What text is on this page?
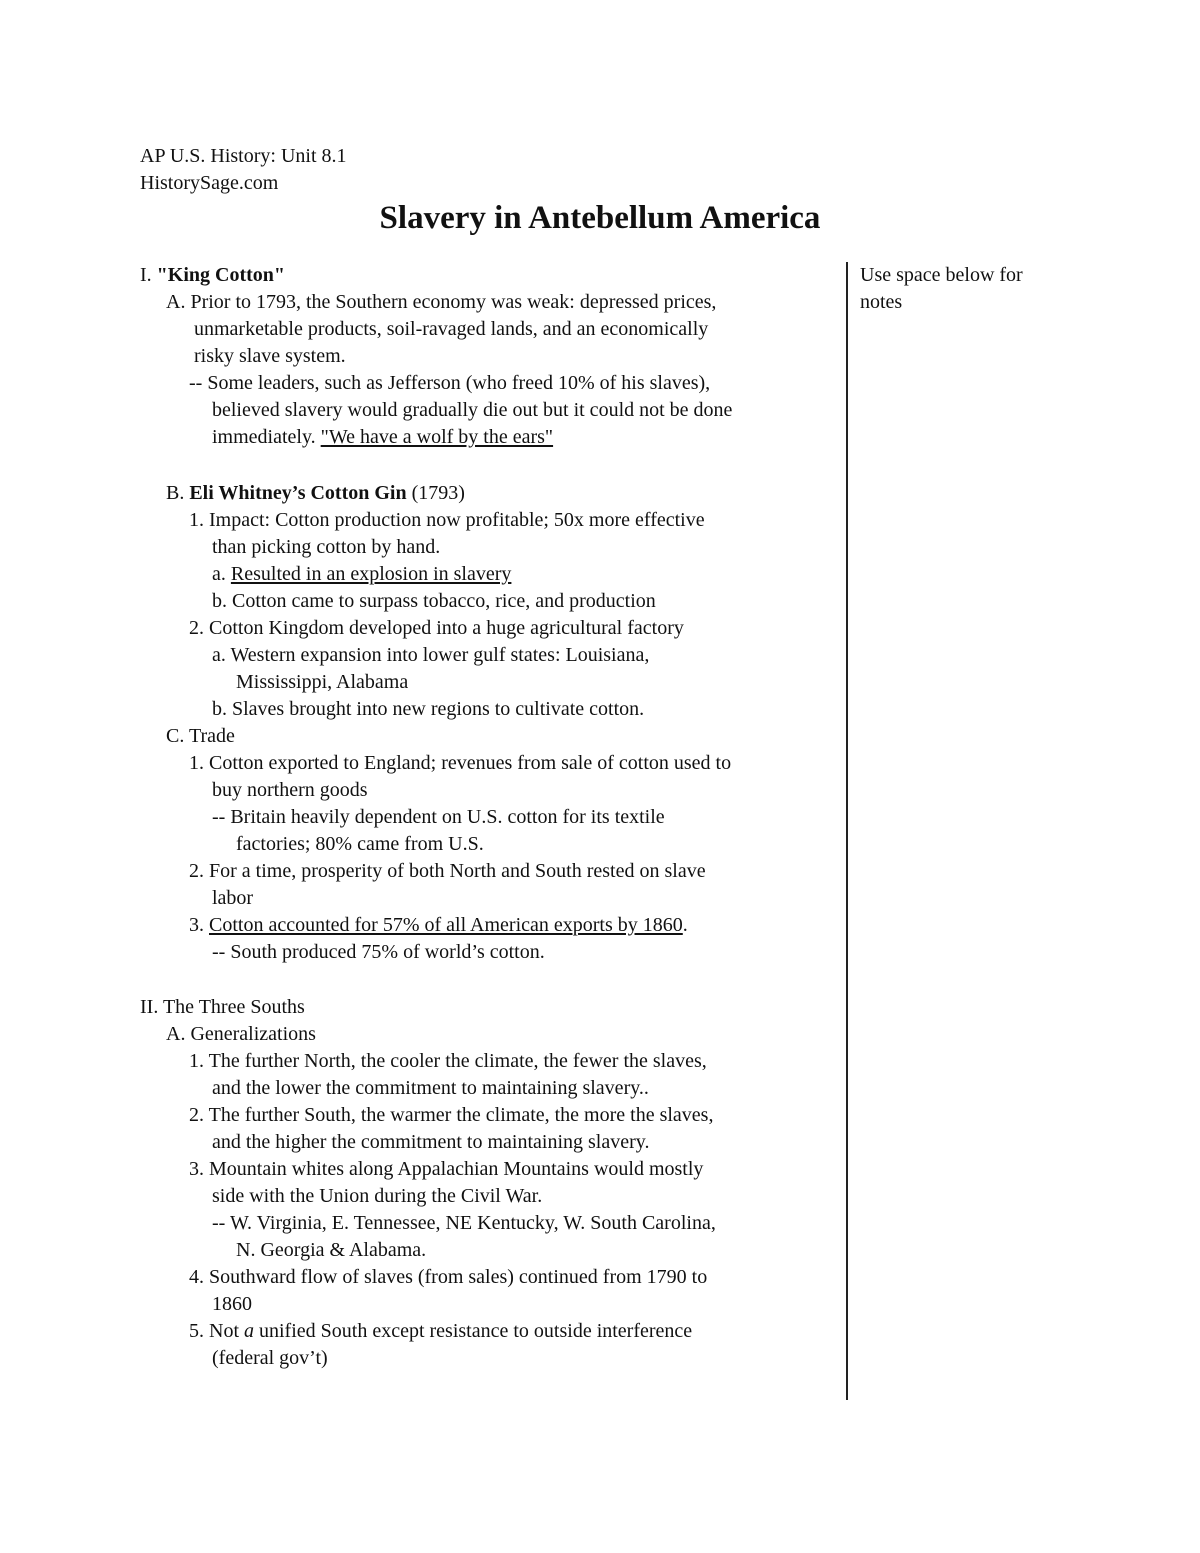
AP U.S. History: Unit 8.1
HistorySage.com
Slavery in Antebellum America
Use space below for
notes
I. "King Cotton"
A. Prior to 1793, the Southern economy was weak: depressed prices,
unmarketable products, soil-ravaged lands, and an economically
risky slave system.
-- Some leaders, such as Jefferson (who freed 10% of his slaves),
believed slavery would gradually die out but it could not be done
immediately. "We have a wolf by the ears"
B. Eli Whitney’s Cotton Gin (1793)
1. Impact: Cotton production now profitable; 50x more effective
than picking cotton by hand.
a. Resulted in an explosion in slavery
b. Cotton came to surpass tobacco, rice, and production
2. Cotton Kingdom developed into a huge agricultural factory
a. Western expansion into lower gulf states: Louisiana,
Mississippi, Alabama
b. Slaves brought into new regions to cultivate cotton.
C. Trade
1. Cotton exported to England; revenues from sale of cotton used to
buy northern goods
-- Britain heavily dependent on U.S. cotton for its textile
factories; 80% came from U.S.
2. For a time, prosperity of both North and South rested on slave
labor
3. Cotton accounted for 57% of all American exports by 1860.
-- South produced 75% of world’s cotton.
II. The Three Souths
A. Generalizations
1. The further North, the cooler the climate, the fewer the slaves,
and the lower the commitment to maintaining slavery..
2. The further South, the warmer the climate, the more the slaves,
and the higher the commitment to maintaining slavery.
3. Mountain whites along Appalachian Mountains would mostly
side with the Union during the Civil War.
-- W. Virginia, E. Tennessee, NE Kentucky, W. South Carolina,
N. Georgia & Alabama.
4. Southward flow of slaves (from sales) continued from 1790 to
1860
5. Not a unified South except resistance to outside interference
(federal gov’t)
